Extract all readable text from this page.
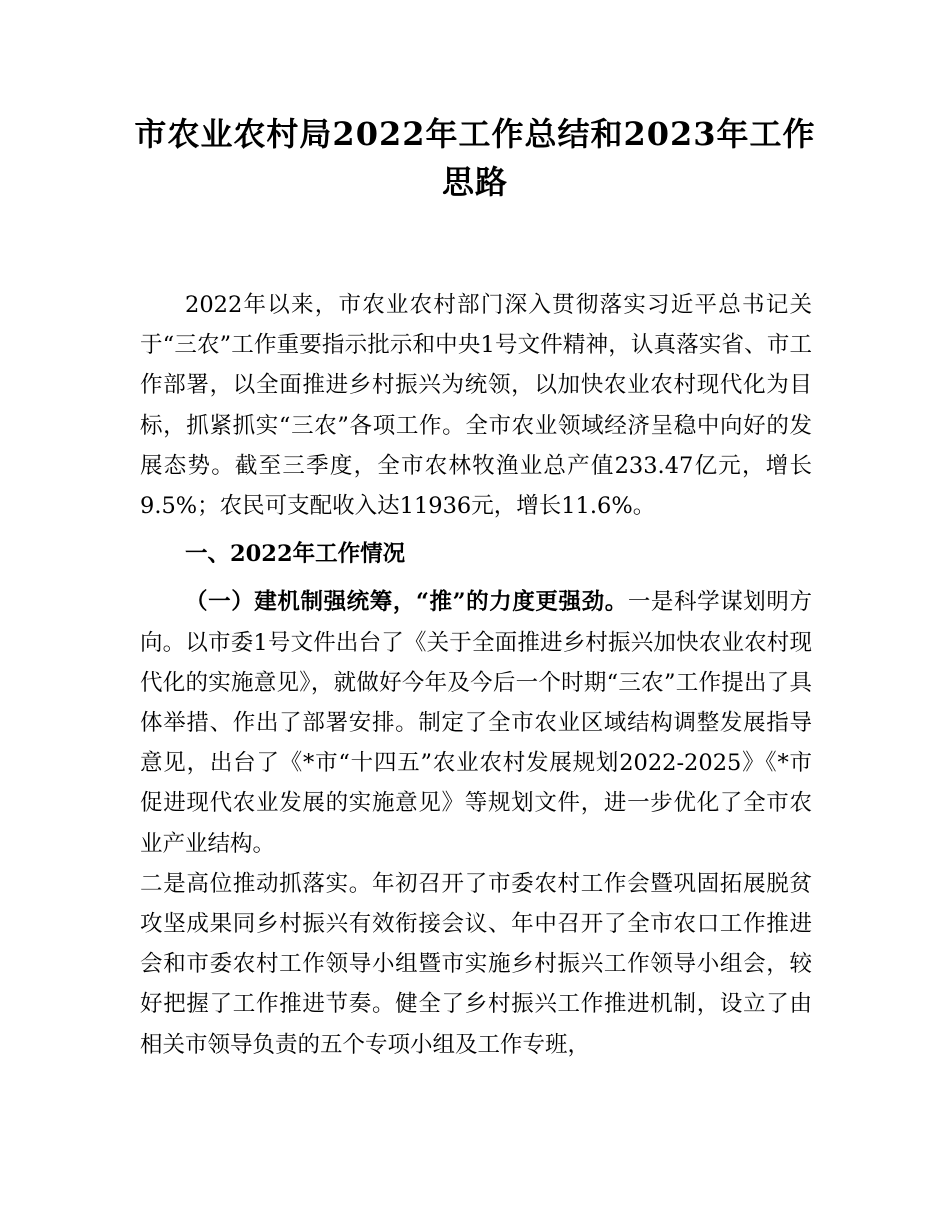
市农业农村局2022年工作总结和2023年工作思路

2022年以来，市农业农村部门深入贯彻落实习近平总书记关于“三农”工作重要指示批示和中央1号文件精神，认真落实省、市工作部署，以全面推进乡村振兴为统领，以加快农业农村现代化为目标，抓紧抓实“三农”各项工作。全市农业领域经济呈稳中向好的发展态势。截至三季度，全市农林牧渔业总产值233.47亿元，增长9.5%；农民可支配收入达11936元，增长11.6%。

一、2022年工作情况

（一）建机制强统筹，“推”的力度更强劲。一是科学谋划明方向。以市委1号文件出台了《关于全面推进乡村振兴加快农业农村现代化的实施意见》，就做好今年及今后一个时期“三农”工作提出了具体举措、作出了部署安排。制定了全市农业区域结构调整发展指导意见，出台了《*市“十四五”农业农村发展规划2022-2025》《*市促进现代农业发展的实施意见》等规划文件，进一步优化了全市农业产业结构。

二是高位推动抓落实。年初召开了市委农村工作会暨巩固拓展脱贫攻坚成果同乡村振兴有效衔接会议、年中召开了全市农口工作推进会和市委农村工作领导小组暨市实施乡村振兴工作领导小组会，较好把握了工作推进节奏。健全了乡村振兴工作推进机制，设立了由相关市领导负责的五个专项小组及工作专班，
